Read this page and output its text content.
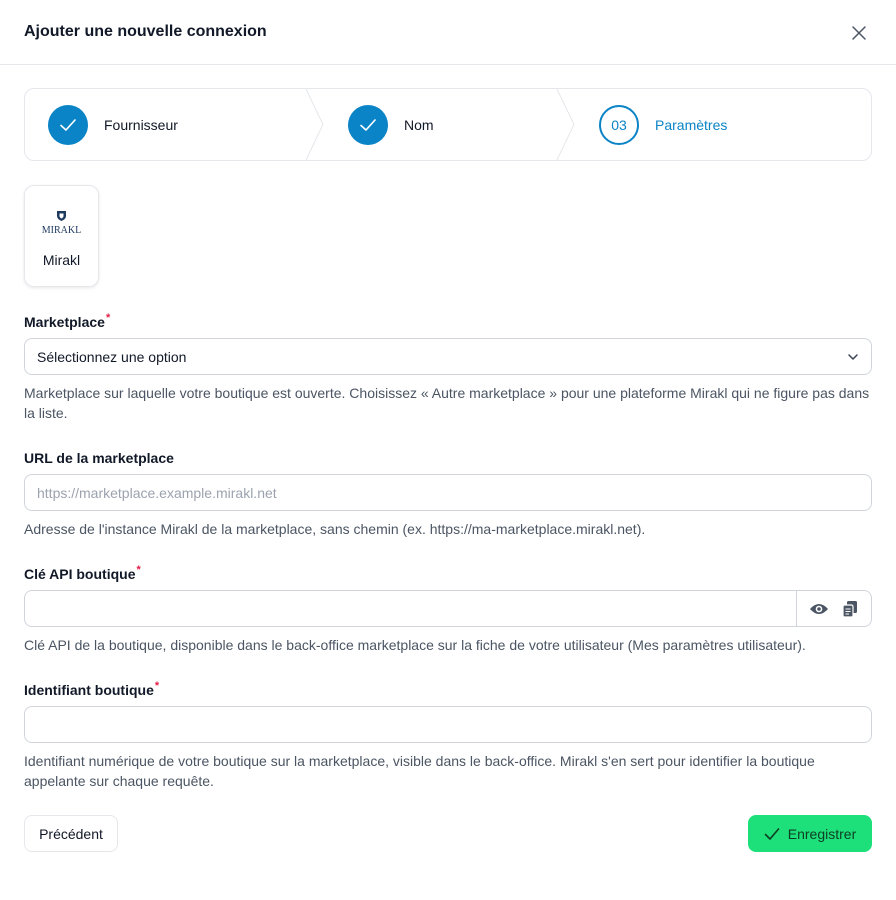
Ajouter une nouvelle connexion
Fournisseur	Nom	03	Paramètres
MIRAKL
Mirakl
Marketplace*
Sélectionnez une option
Marketplace sur laquelle votre boutique est ouverte. Choisissez « Autre marketplace » pour une plateforme Mirakl qui ne figure pas dans la liste.
URL de la marketplace
https://marketplace.example.mirakl.net
Adresse de l'instance Mirakl de la marketplace, sans chemin (ex. https://ma-marketplace.mirakl.net).
Clé API boutique*
Clé API de la boutique, disponible dans le back-office marketplace sur la fiche de votre utilisateur (Mes paramètres utilisateur).
Identifiant boutique*
Identifiant numérique de votre boutique sur la marketplace, visible dans le back-office. Mirakl s'en sert pour identifier la boutique appelante sur chaque requête.
Précédent	Enregistrer
